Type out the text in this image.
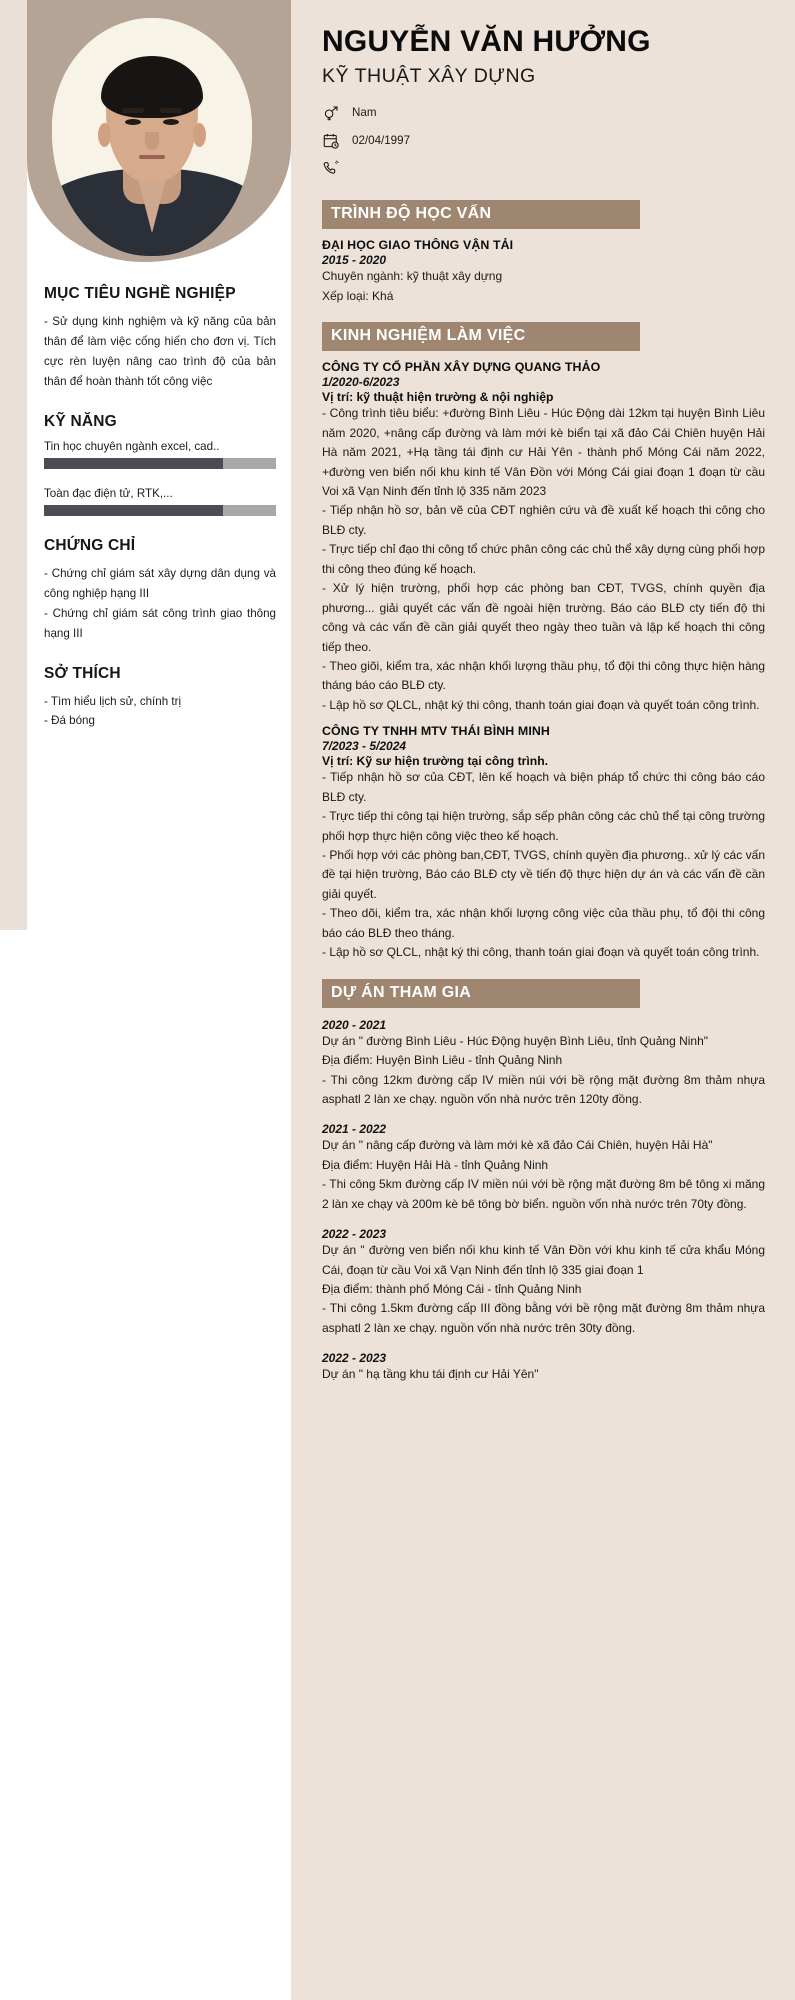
MỤC TIÊU NGHỀ NGHIỆP
- Sử dụng kinh nghiệm và kỹ năng của bản thân để làm việc cống hiến cho đơn vị. Tích cực rèn luyện nâng cao trình độ của bản thân để hoàn thành tốt công việc
KỸ NĂNG
Tin học chuyên ngành excel, cad..
Toàn đạc điện tử, RTK,...
CHỨNG CHỈ
- Chứng chỉ giám sát xây dựng dân dụng và công nghiệp hạng III
- Chứng chỉ giám sát công trình giao thông hạng III
SỞ THÍCH
- Tìm hiểu lịch sử, chính trị
- Đá bóng
NGUYỄN VĂN HƯỞNG
KỸ THUẬT XÂY DỰNG
Nam
02/04/1997
TRÌNH ĐỘ HỌC VẤN
ĐẠI HỌC GIAO THÔNG VẬN TẢI
2015 - 2020
Chuyên ngành: kỹ thuật xây dựng
Xếp loại: Khá
KINH NGHIỆM LÀM VIỆC
CÔNG TY CỔ PHẦN XÂY DỰNG QUANG THẢO
1/2020-6/2023
Vị trí: kỹ thuật hiện trường & nội nghiệp
- Công trình tiêu biểu: +đường Bình Liêu - Húc Động dài 12km tại huyện Bình Liêu năm 2020, +nâng cấp đường và làm mới kè biển tại xã đảo Cái Chiên huyện Hải Hà năm 2021, +Hạ tầng tái định cư Hải Yên - thành phố Móng Cái năm 2022, +đường ven biển nối khu kinh tế Vân Đồn với Móng Cái giai đoạn 1 đoạn từ cầu Voi xã Vạn Ninh đến tỉnh lộ 335 năm 2023
- Tiếp nhận hồ sơ, bản vẽ của CĐT nghiên cứu và đề xuất kế hoạch thi công cho BLĐ cty.
- Trực tiếp chỉ đạo thi công tổ chức phân công các chủ thể xây dựng cùng phối hợp thi công theo đúng kế hoạch.
- Xử lý hiện trường, phối hợp các phòng ban CĐT, TVGS, chính quyền địa phương... giải quyết các vấn đề ngoài hiện trường. Báo cáo BLĐ cty tiến độ thi công và các vấn đề cần giải quyết theo ngày theo tuần và lập kế hoạch thi công tiếp theo.
- Theo giõi, kiểm tra, xác nhận khối lượng thầu phụ, tổ đội thi công thực hiện hàng tháng báo cáo BLĐ cty.
- Lập hồ sơ QLCL, nhật ký thi công, thanh toán giai đoạn và quyết toán công trình.
CÔNG TY TNHH MTV THÁI BÌNH MINH
7/2023 - 5/2024
Vị trí: Kỹ sư hiện trường tại công trình.
- Tiếp nhận hồ sơ của CĐT, lên kế hoạch và biện pháp tổ chức thi công báo cáo BLĐ cty.
- Trực tiếp thi công tại hiện trường, sắp sếp phân công các chủ thể tại công trường phối hợp thực hiện công việc theo kế hoạch.
- Phối hợp với các phòng ban,CĐT, TVGS, chính quyền địa phương.. xử lý các vấn đề tại hiện trường, Báo cáo BLĐ cty về tiến độ thực hiện dự án và các vấn đề cần giải quyết.
- Theo dõi, kiểm tra, xác nhận khối lượng công việc của thầu phụ, tổ đội thi công báo cáo BLĐ theo tháng.
- Lập hồ sơ QLCL, nhật ký thi công, thanh toán giai đoạn và quyết toán công trình.
DỰ ÁN THAM GIA
2020 - 2021
Dự án " đường Bình Liêu - Húc Động huyện Bình Liêu, tỉnh Quảng Ninh"
Địa điểm: Huyện Bình Liêu - tỉnh Quảng Ninh
- Thi công 12km đường cấp IV miền núi với bề rộng mặt đường 8m thảm nhựa asphatl 2 làn xe chạy. nguồn vốn nhà nước trên 120ty đồng.
2021 - 2022
Dự án " nâng cấp đường và làm mới kè xã đảo Cái Chiên, huyện Hải Hà"
Địa điểm: Huyện Hải Hà - tỉnh Quảng Ninh
- Thi công 5km đường cấp IV miền núi với bề rộng mặt đường 8m bê tông xi măng 2 làn xe chạy và 200m kè bê tông bờ biển. nguồn vốn nhà nước trên 70ty đồng.
2022 - 2023
Dự án " đường ven biển nối khu kinh tế Vân Đồn với khu kinh tế cửa khẩu Móng Cái, đoạn từ cầu Voi xã Vạn Ninh đến tỉnh lộ 335 giai đoạn 1
Địa điểm: thành phố Móng Cái - tỉnh Quảng Ninh
- Thi công 1.5km đường cấp III đồng bằng với bề rộng mặt đường 8m thảm nhựa asphatl 2 làn xe chạy. nguồn vốn nhà nước trên 30ty đồng.
2022 - 2023
Dự án " hạ tầng khu tái định cư Hải Yên"
